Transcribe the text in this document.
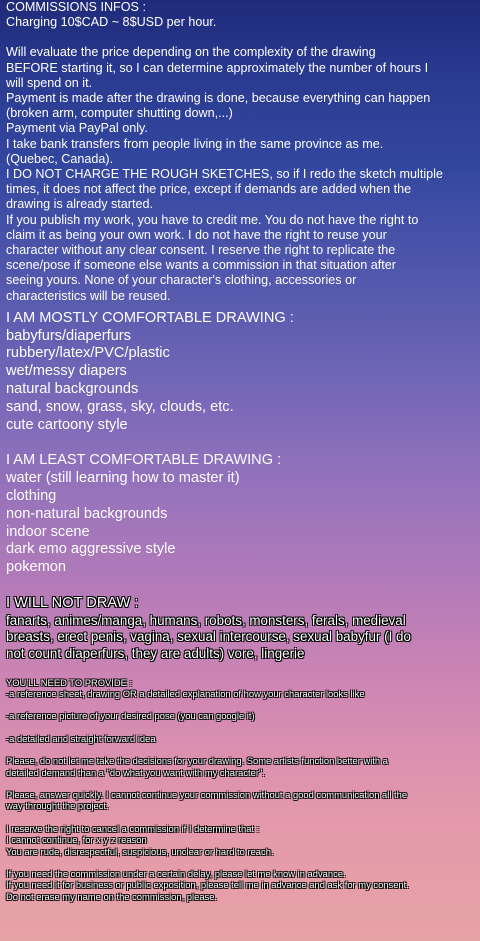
COMMISSIONS INFOS :

Charging 10$CAD ~ 8$USD per hour.

Will evaluate the price depending on the complexity of the drawing

BEFORE starting it, so I can determine approximately the number of hours I

will spend on it.

Payment is made after the drawing is done, because everything can happen

(broken arm, computer shutting down,...)

Payment via PayPal only.

I take bank transfers from people living in the same province as me.

(Quebec, Canada).

I DO NOT CHARGE THE ROUGH SKETCHES, so if I redo the sketch multiple

times, it does not affect the price, except if demands are added when the

drawing is already started.

If you publish my work, you have to credit me. You do not have the right to

claim it as being your own work. I do not have the right to reuse your

character without any clear consent. I reserve the right to replicate the

scene/pose if someone else wants a commission in that situation after

seeing yours. None of your character's clothing, accessories or

characteristics will be reused.

I AM MOSTLY COMFORTABLE DRAWING :

babyfurs/diaperfurs

rubbery/latex/PVC/plastic

wet/messy diapers

natural backgrounds

sand, snow, grass, sky, clouds, etc.

cute cartoony style

I AM LEAST COMFORTABLE DRAWING :

water (still learning how to master it)

clothing

non-natural backgrounds

indoor scene

dark emo aggressive style

pokemon

I WILL NOT DRAW :

fanarts, animes/manga, humans, robots, monsters, ferals, medieval

breasts, erect penis, vagina, sexual intercourse, sexual babyfur (I do

not count diaperfurs, they are adults) vore, lingerie

YOU'LL NEED TO PROVIDE :

-a reference sheet, drawing OR a detailed explanation of how your character looks like

-a reference picture of your desired pose (you can google it)

-a detailed and straight forward idea

Please, do not let me take the decisions for your drawing. Some artists function better with a

detailed demand than a "do what you want with my character".

Please, answer quickly. I cannot continue your commission without a good communication all the

way throught the project.

I reserve the right to cancel a commission if I determine that :

I cannot continue, for x y z reason

You are rude, disrespectful, suspicious, unclear or hard to reach.

If you need the commission under a certain delay, please let me know in advance.

If you need it for business or public exposition, please tell me in advance and ask for my consent.

Do not erase my name on the commission, please.
